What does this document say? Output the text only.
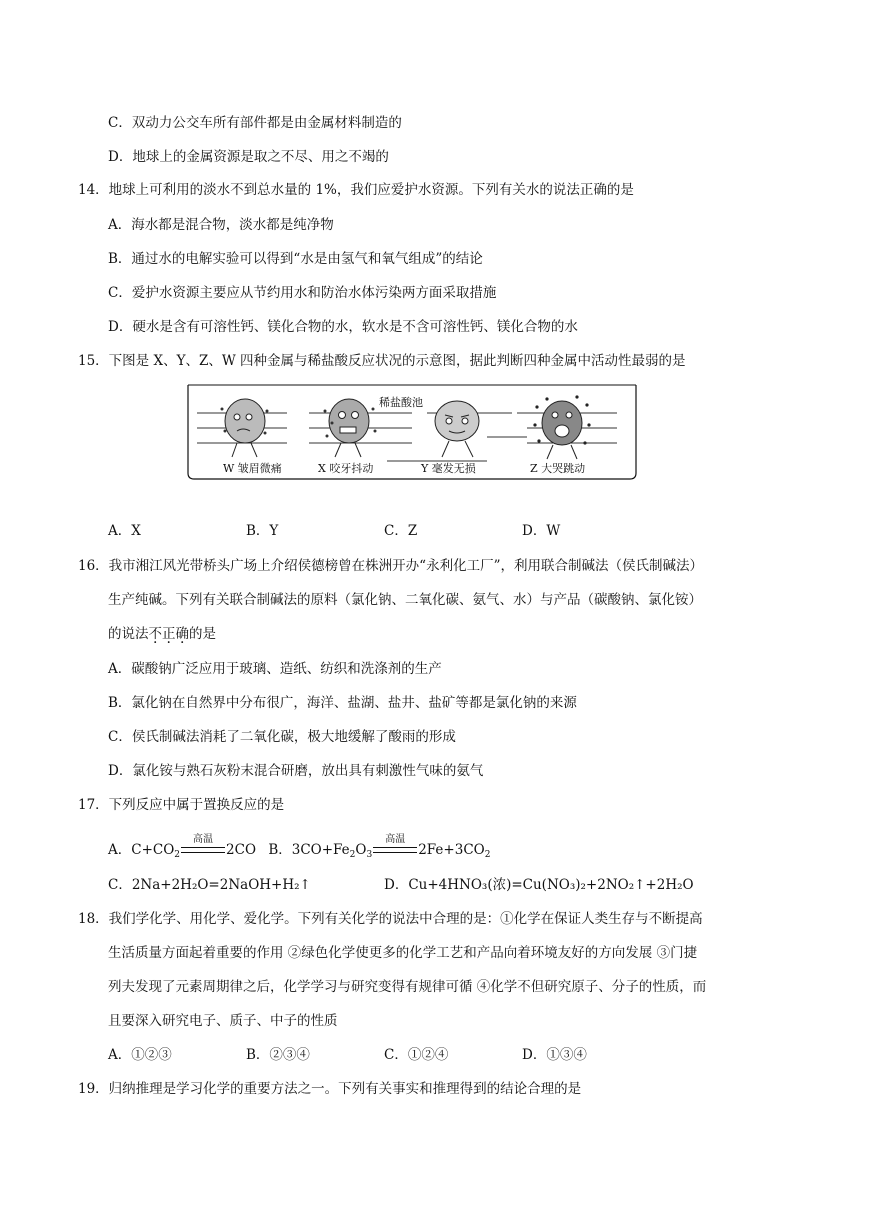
C．双动力公交车所有部件都是由金属材料制造的
D．地球上的金属资源是取之不尽、用之不竭的
14．地球上可利用的淡水不到总水量的 1%，我们应爱护水资源。下列有关水的说法正确的是
A．海水都是混合物，淡水都是纯净物
B．通过水的电解实验可以得到“水是由氢气和氧气组成”的结论
C．爱护水资源主要应从节约用水和防治水体污染两方面采取措施
D．硬水是含有可溶性钙、镁化合物的水，软水是不含可溶性钙、镁化合物的水
15．下图是 X、Y、Z、W 四种金属与稀盐酸反应状况的示意图，据此判断四种金属中活动性最弱的是
稀盐酸池
W 皱眉微痛	X 咬牙抖动	Y 毫发无损	Z 大哭跳动
A．X	B．Y	C．Z	D．W
16．我市湘江风光带桥头广场上介绍侯德榜曾在株洲开办“永利化工厂”，利用联合制碱法（侯氏制碱法）
生产纯碱。下列有关联合制碱法的原料（氯化钠、二氧化碳、氨气、水）与产品（碳酸钠、氯化铵）
的说法不正确的是
A．碳酸钠广泛应用于玻璃、造纸、纺织和洗涤剂的生产
B．氯化钠在自然界中分布很广，海洋、盐湖、盐井、盐矿等都是氯化钠的来源
C．侯氏制碱法消耗了二氧化碳，极大地缓解了酸雨的形成
D．氯化铵与熟石灰粉末混合研磨，放出具有刺激性气味的氨气
17．下列反应中属于置换反应的是
A．$C+CO_2$
高温
2CO B．$3CO+Fe_2O_3$
高温
$2Fe+3CO_2$
C．2Na+2H₂O=2NaOH+H₂↑	D．Cu+4HNO₃(浓)=Cu(NO₃)₂+2NO₂↑+2H₂O
18．我们学化学、用化学、爱化学。下列有关化学的说法中合理的是：①化学在保证人类生存与不断提高
生活质量方面起着重要的作用 ②绿色化学使更多的化学工艺和产品向着环境友好的方向发展 ③门捷
列夫发现了元素周期律之后，化学学习与研究变得有规律可循 ④化学不但研究原子、分子的性质，而
且要深入研究电子、质子、中子的性质
A．①②③	B．②③④	C．①②④	D．①③④
19．归纳推理是学习化学的重要方法之一。下列有关事实和推理得到的结论合理的是
